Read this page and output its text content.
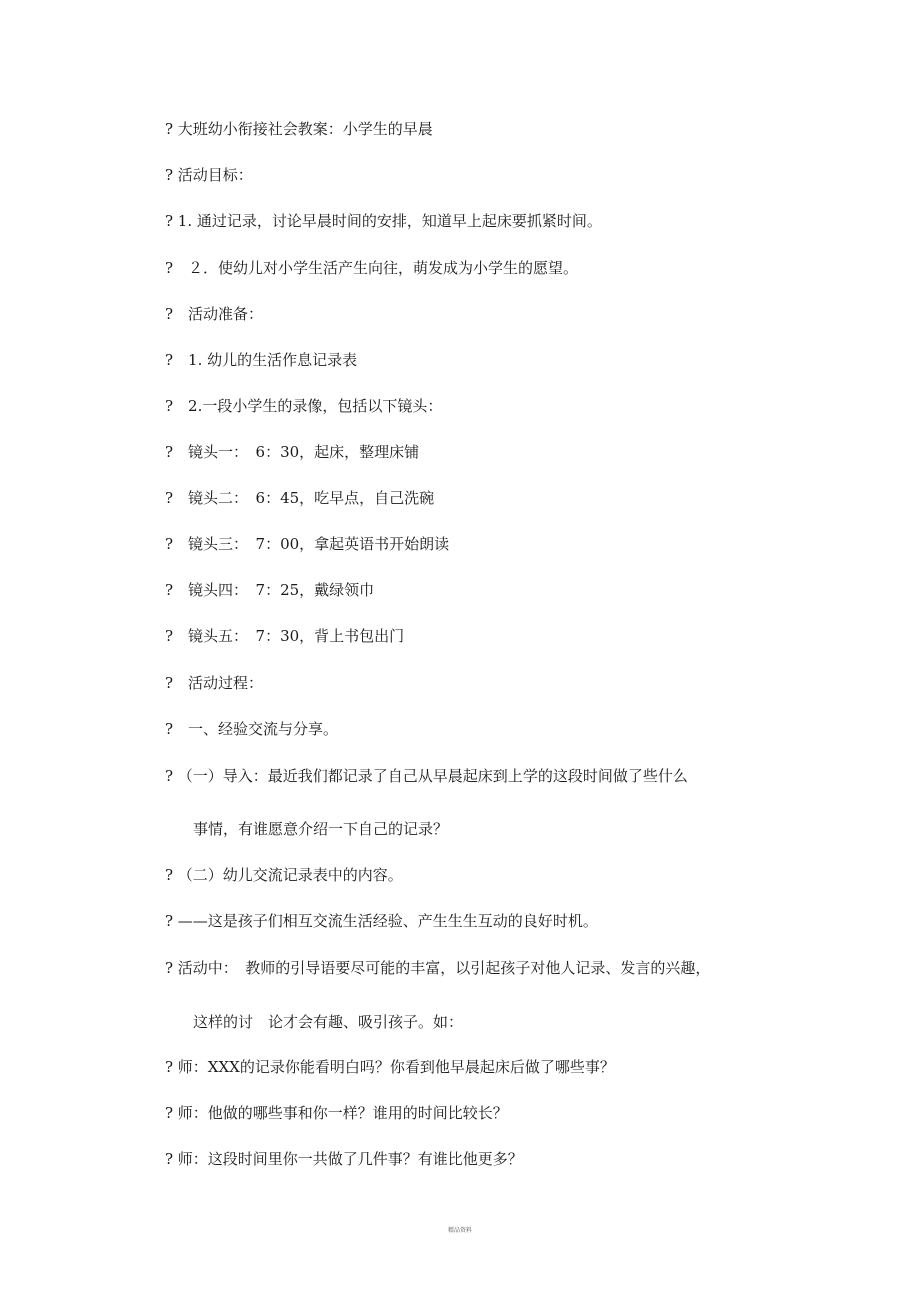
? 大班幼小衔接社会教案：小学生的早晨
? 活动目标：
? 1. 通过记录，讨论早晨时间的安排，知道早上起床要抓紧时间。
?　２．使幼儿对小学生活产生向往，萌发成为小学生的愿望。
?　活动准备：
?　1. 幼儿的生活作息记录表
?　2.一段小学生的录像，包括以下镜头：
?　镜头一：　6：30，起床，整理床铺
?　镜头二：　6：45，吃早点，自己洗碗
?　镜头三：　7：00，拿起英语书开始朗读
?　镜头四：　7：25，戴绿领巾
?　镜头五：　7：30，背上书包出门
?　活动过程：
?　一、经验交流与分享。
? （一）导入：最近我们都记录了自己从早晨起床到上学的这段时间做了些什么
事情，有谁愿意介绍一下自己的记录？
? （二）幼儿交流记录表中的内容。
? ——这是孩子们相互交流生活经验、产生生生互动的良好时机。
? 活动中：　教师的引导语要尽可能的丰富，以引起孩子对他人记录、发言的兴趣，
这样的讨　论才会有趣、吸引孩子。如：
? 师：XXX的记录你能看明白吗？你看到他早晨起床后做了哪些事？
? 师：他做的哪些事和你一样？谁用的时间比较长？
? 师：这段时间里你一共做了几件事？有谁比他更多？
精品资料
